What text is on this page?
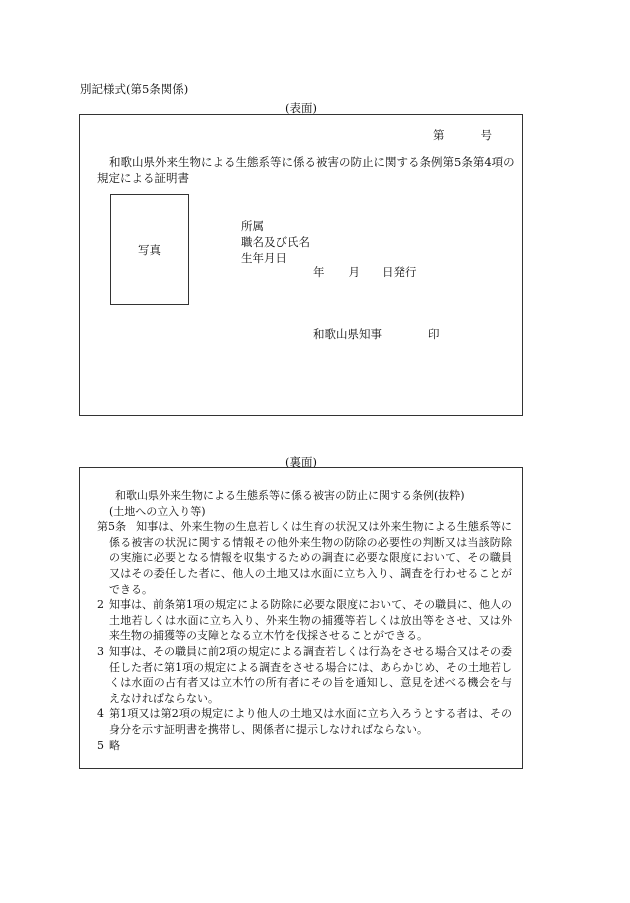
別記様式(第5条関係)
(表面)
第	号
和歌山県外来生物による生態系等に係る被害の防止に関する条例第5条第4項の規定による証明書
写真
所属
職名及び氏名
生年月日
年 月 日発行
和歌山県知事	印
(裏面)
和歌山県外来生物による生態系等に係る被害の防止に関する条例(抜粋)
(土地への立入り等)
第5条 知事は、外来生物の生息若しくは生育の状況又は外来生物による生態系等に係る被害の状況に関する情報その他外来生物の防除の必要性の判断又は当該防除の実施に必要となる情報を収集するための調査に必要な限度において、その職員又はその委任した者に、他人の土地又は水面に立ち入り、調査を行わせることができる。
2 知事は、前条第1項の規定による防除に必要な限度において、その職員に、他人の土地若しくは水面に立ち入り、外来生物の捕獲等若しくは放出等をさせ、又は外来生物の捕獲等の支障となる立木竹を伐採させることができる。
3 知事は、その職員に前2項の規定による調査若しくは行為をさせる場合又はその委任した者に第1項の規定による調査をさせる場合には、あらかじめ、その土地若しくは水面の占有者又は立木竹の所有者にその旨を通知し、意見を述べる機会を与えなければならない。
4 第1項又は第2項の規定により他人の土地又は水面に立ち入ろうとする者は、その身分を示す証明書を携帯し、関係者に提示しなければならない。
5 略
